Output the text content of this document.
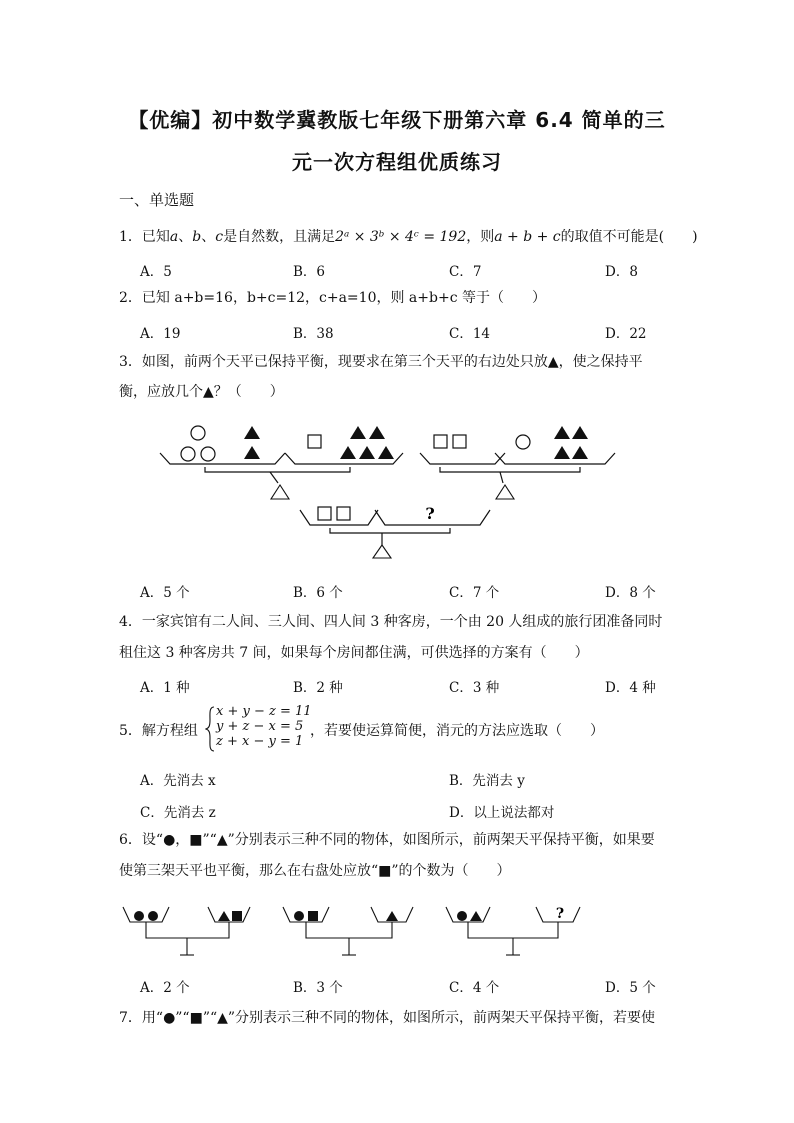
【优编】初中数学冀教版七年级下册第六章 6.4 简单的三
元一次方程组优质练习
一、单选题
1．已知a、b、c是自然数，且满足2ᵃ × 3ᵇ × 4ᶜ = 192，则a + b + c的取值不可能是(　　)
A．5	B．6	C．7	D．8
2．已知 a+b=16，b+c=12，c+a=10，则 a+b+c 等于（　　）
A．19	B．38	C．14	D．22
3．如图，前两个天平已保持平衡，现要求在第三个天平的右边处只放▲，使之保持平
衡，应放几个▲？（　　）
?
A．5 个	B．6 个	C．7 个	D．8 个
4．一家宾馆有二人间、三人间、四人间 3 种客房，一个由 20 人组成的旅行团准备同时
租住这 3 种客房共 7 间，如果每个房间都住满，可供选择的方案有（　　）
A．1 种	B．2 种	C．3 种	D．4 种
5．解方程组
x + y − z = 11
y + z − x = 5
z + x − y = 1
，若要使运算简便，消元的方法应选取（　　）
A．先消去 x	B．先消去 y
C．先消去 z	D．以上说法都对
6．设“●，■”“▲”分别表示三种不同的物体，如图所示，前两架天平保持平衡，如果要
使第三架天平也平衡，那么在右盘处应放“■”的个数为（　　）
?
A．2 个	B．3 个	C．4 个	D．5 个
7．用“●”“■”“▲”分别表示三种不同的物体，如图所示，前两架天平保持平衡，若要使
